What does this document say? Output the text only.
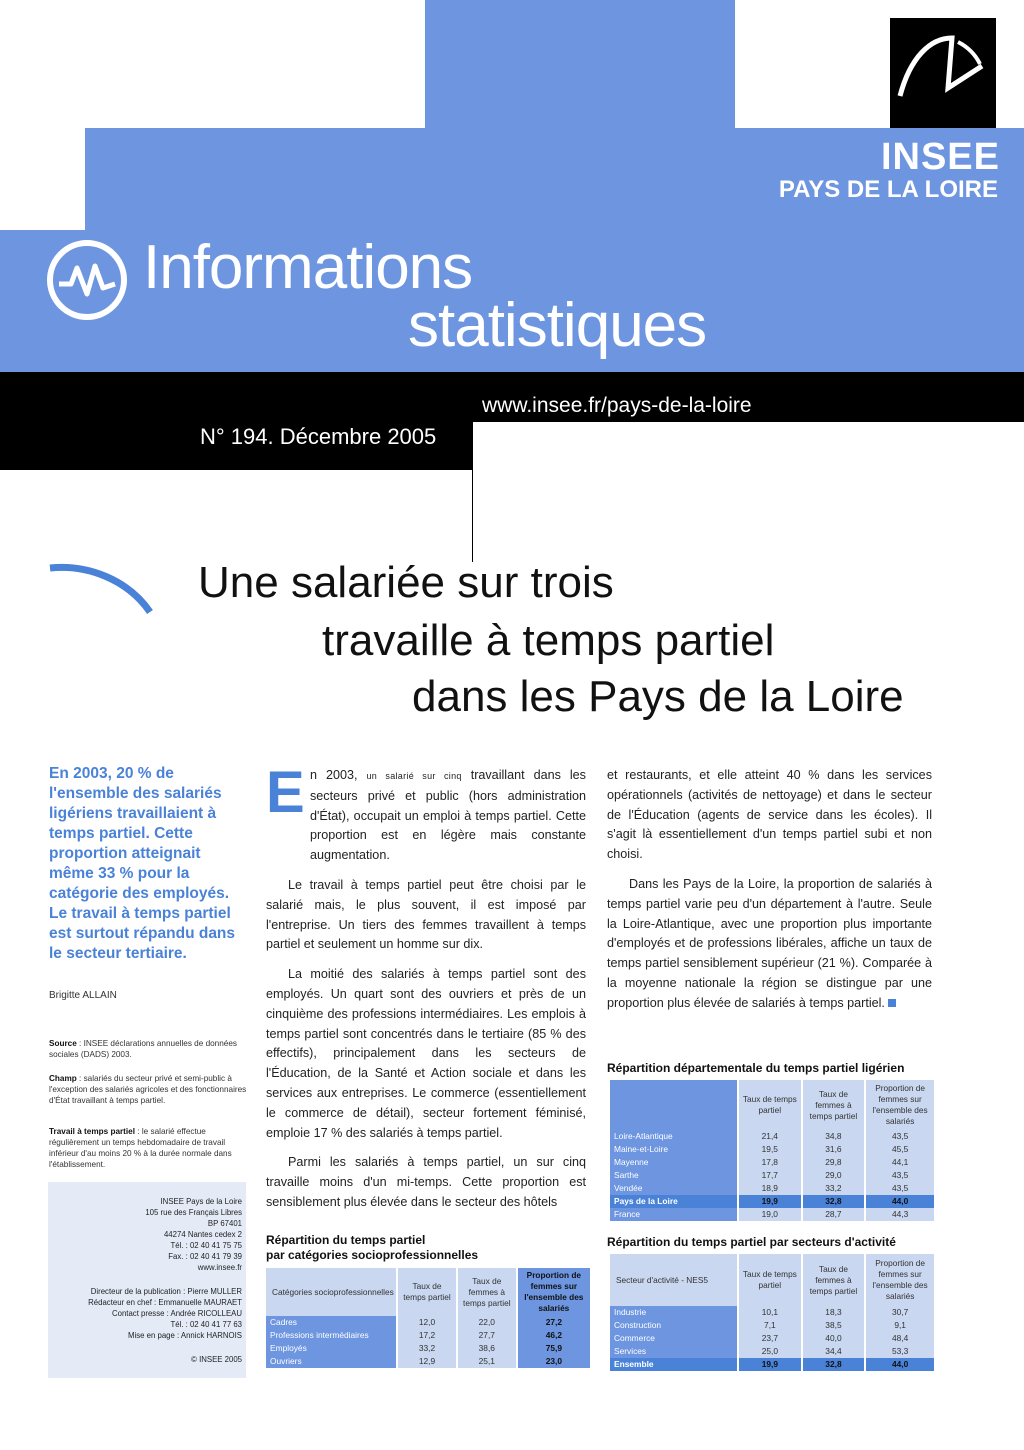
INSEE
PAYS DE LA LOIRE
Informations
statistiques
www.insee.fr/pays-de-la-loire
N° 194. Décembre 2005
Une salariée sur trois
travaille à temps partiel
dans les Pays de la Loire
En 2003, 20 % de l'ensemble des salariés ligériens travaillaient à temps partiel. Cette proportion atteignait même 33 % pour la catégorie des employés. Le travail à temps partiel est surtout répandu dans le secteur tertiaire.
Brigitte ALLAIN
Source : INSEE déclarations annuelles de données sociales (DADS) 2003.
Champ : salariés du secteur privé et semi-public à l'exception des salariés agricoles et des fonctionnaires d'État travaillant à temps partiel.
Travail à temps partiel : le salarié effectue régulièrement un temps hebdomadaire de travail inférieur d'au moins 20 % à la durée normale dans l'établissement.
INSEE Pays de la Loire
105 rue des Français Libres
BP 67401
44274 Nantes cedex 2
Tél. : 02 40 41 75 75
Fax. : 02 40 41 79 39
www.insee.fr
Directeur de la publication : Pierre MULLER
Rédacteur en chef : Emmanuelle MAURAET
Contact presse : Andrée RICOLLEAU
Tél. : 02 40 41 77 63
Mise en page : Annick HARNOIS
© INSEE 2005
E n 2003, un salarié sur cinq travaillant dans les secteurs privé et public (hors administration d'État), occupait un emploi à temps partiel. Cette proportion est en légère mais constante augmentation.

Le travail à temps partiel peut être choisi par le salarié mais, le plus souvent, il est imposé par l'entreprise. Un tiers des femmes travaillent à temps partiel et seulement un homme sur dix.

La moitié des salariés à temps partiel sont des employés. Un quart sont des ouvriers et près de un cinquième des professions intermédiaires. Les emplois à temps partiel sont concentrés dans le tertiaire (85 % des effectifs), principalement dans les secteurs de l'Éducation, de la Santé et Action sociale et dans les services aux entreprises. Le commerce (essentiellement le commerce de détail), secteur fortement féminisé, emploie 17 % des salariés à temps partiel.

Parmi les salariés à temps partiel, un sur cinq travaille moins d'un mi-temps. Cette proportion est sensiblement plus élevée dans le secteur des hôtels

et restaurants, et elle atteint 40 % dans les services opérationnels (activités de nettoyage) et dans le secteur de l'Éducation (agents de service dans les écoles). Il s'agit là essentiellement d'un temps partiel subi et non choisi.

Dans les Pays de la Loire, la proportion de salariés à temps partiel varie peu d'un département à l'autre. Seule la Loire-Atlantique, avec une proportion plus importante d'employés et de professions libérales, affiche un taux de temps partiel sensiblement supérieur (21 %). Comparée à la moyenne nationale la région se distingue par une proportion plus élevée de salariés à temps partiel.

Répartition du temps partiel
par catégories socioprofessionnelles
Catégories socioprofessionnelles	Taux de temps partiel	Taux de femmes à temps partiel	Proportion de femmes sur l'ensemble des salariés
Cadres	12,0	22,0	27,2
Professions intermédiaires	17,2	27,7	46,2
Employés	33,2	38,6	75,9
Ouvriers	12,9	25,1	23,0
Répartition départementale du temps partiel ligérien
	Taux de temps partiel	Taux de femmes à temps partiel	Proportion de femmes sur l'ensemble des salariés
Loire-Atlantique	21,4	34,8	43,5
Maine-et-Loire	19,5	31,6	45,5
Mayenne	17,8	29,8	44,1
Sarthe	17,7	29,0	43,5
Vendée	18,9	33,2	43,5
Pays de la Loire	19,9	32,8	44,0
France	19,0	28,7	44,3
Répartition du temps partiel par secteurs d'activité
Secteur d'activité - NES5	Taux de temps partiel	Taux de femmes à temps partiel	Proportion de femmes sur l'ensemble des salariés
Industrie	10,1	18,3	30,7
Construction	7,1	38,5	9,1
Commerce	23,7	40,0	48,4
Services	25,0	34,4	53,3
Ensemble	19,9	32,8	44,0
